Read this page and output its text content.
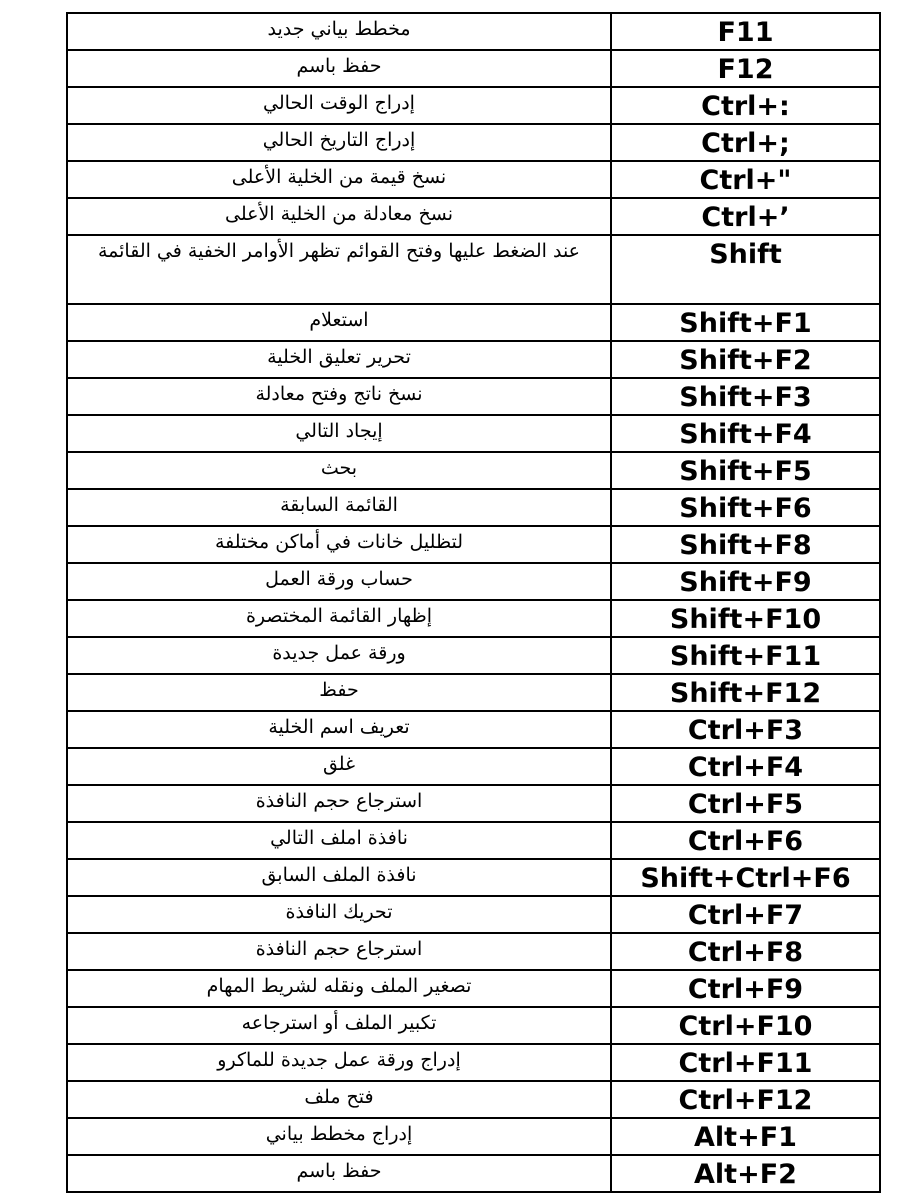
مخطط بياني جديد	F11
حفظ باسم	F12
إدراج الوقت الحالي	Ctrl+:
إدراج التاريخ الحالي	Ctrl+;
نسخ قيمة من الخلية الأعلى	Ctrl+"
نسخ معادلة من الخلية الأعلى	Ctrl+’
عند الضغط عليها وفتح القوائم تظهر الأوامر الخفية في القائمة	Shift
استعلام	Shift+F1
تحرير تعليق الخلية	Shift+F2
نسخ ناتج وفتح معادلة	Shift+F3
إيجاد التالي	Shift+F4
بحث	Shift+F5
القائمة السابقة	Shift+F6
لتظليل خانات في أماكن مختلفة	Shift+F8
حساب ورقة العمل	Shift+F9
إظهار القائمة المختصرة	Shift+F10
ورقة عمل جديدة	Shift+F11
حفظ	Shift+F12
تعريف اسم الخلية	Ctrl+F3
غلق	Ctrl+F4
استرجاع حجم النافذة	Ctrl+F5
نافذة املف التالي	Ctrl+F6
نافذة الملف السابق	Shift+Ctrl+F6
تحريك النافذة	Ctrl+F7
استرجاع حجم النافذة	Ctrl+F8
تصغير الملف ونقله لشريط المهام	Ctrl+F9
تكبير الملف أو استرجاعه	Ctrl+F10
إدراج ورقة عمل جديدة للماكرو	Ctrl+F11
فتح ملف	Ctrl+F12
إدراج مخطط بياني	Alt+F1
حفظ باسم	Alt+F2
